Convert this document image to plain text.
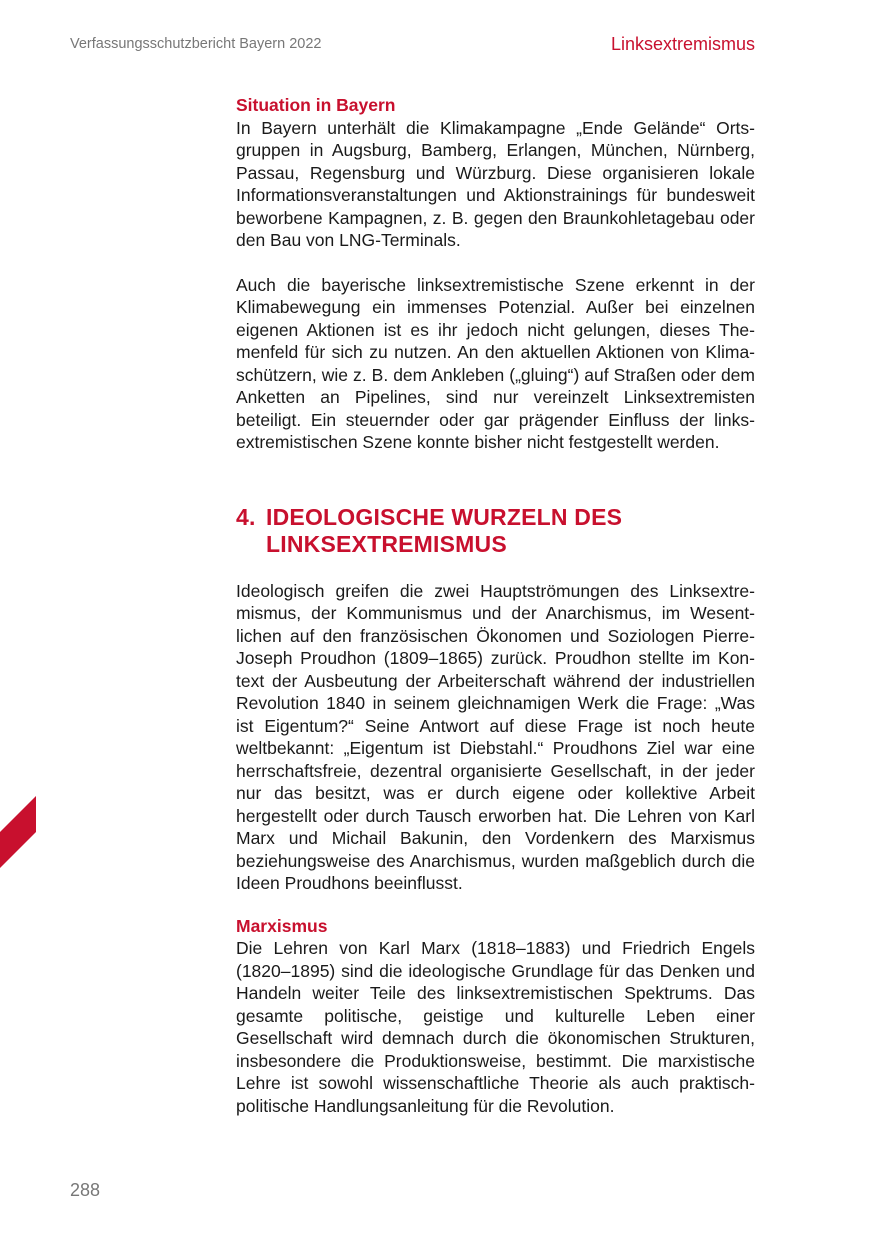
Verfassungsschutzbericht Bayern 2022	Linksextremismus
Situation in Bayern

In Bayern unterhält die Klimakampagne „Ende Gelände“ Ortsgruppen in Augsburg, Bamberg, Erlangen, München, Nürnberg, Passau, Regensburg und Würzburg. Diese organisieren lokale Informationsveranstaltungen und Aktionstrainings für bundesweit beworbene Kampagnen, z. B. gegen den Braunkohletagebau oder den Bau von LNG-Terminals.

Auch die bayerische linksextremistische Szene erkennt in der Klimabewegung ein immenses Potenzial. Außer bei einzelnen eigenen Aktionen ist es ihr jedoch nicht gelungen, dieses Themenfeld für sich zu nutzen. An den aktuellen Aktionen von Klimaschützern, wie z. B. dem Ankleben („gluing“) auf Straßen oder dem Anketten an Pipelines, sind nur vereinzelt Linksextremisten beteiligt. Ein steuernder oder gar prägender Einfluss der linksextremistischen Szene konnte bisher nicht festgestellt werden.

4. IDEOLOGISCHE WURZELN DES LINKSEXTREMISMUS

Ideologisch greifen die zwei Hauptströmungen des Linksextremismus, der Kommunismus und der Anarchismus, im Wesentlichen auf den französischen Ökonomen und Soziologen Pierre-Joseph Proudhon (1809–1865) zurück. Proudhon stellte im Kontext der Ausbeutung der Arbeiterschaft während der industriellen Revolution 1840 in seinem gleichnamigen Werk die Frage: „Was ist Eigentum?“ Seine Antwort auf diese Frage ist noch heute weltbekannt: „Eigentum ist Diebstahl.“ Proudhons Ziel war eine herrschaftsfreie, dezentral organisierte Gesellschaft, in der jeder nur das besitzt, was er durch eigene oder kollektive Arbeit hergestellt oder durch Tausch erworben hat. Die Lehren von Karl Marx und Michail Bakunin, den Vordenkern des Marxismus beziehungsweise des Anarchismus, wurden maßgeblich durch die Ideen Proudhons beeinflusst.

Marxismus

Die Lehren von Karl Marx (1818–1883) und Friedrich Engels (1820–1895) sind die ideologische Grundlage für das Denken und Handeln weiter Teile des linksextremistischen Spektrums. Das gesamte politische, geistige und kulturelle Leben einer Gesellschaft wird demnach durch die ökonomischen Strukturen, insbesondere die Produktionsweise, bestimmt. Die marxistische Lehre ist sowohl wissenschaftliche Theorie als auch praktisch-politische Handlungsanleitung für die Revolution.

288
